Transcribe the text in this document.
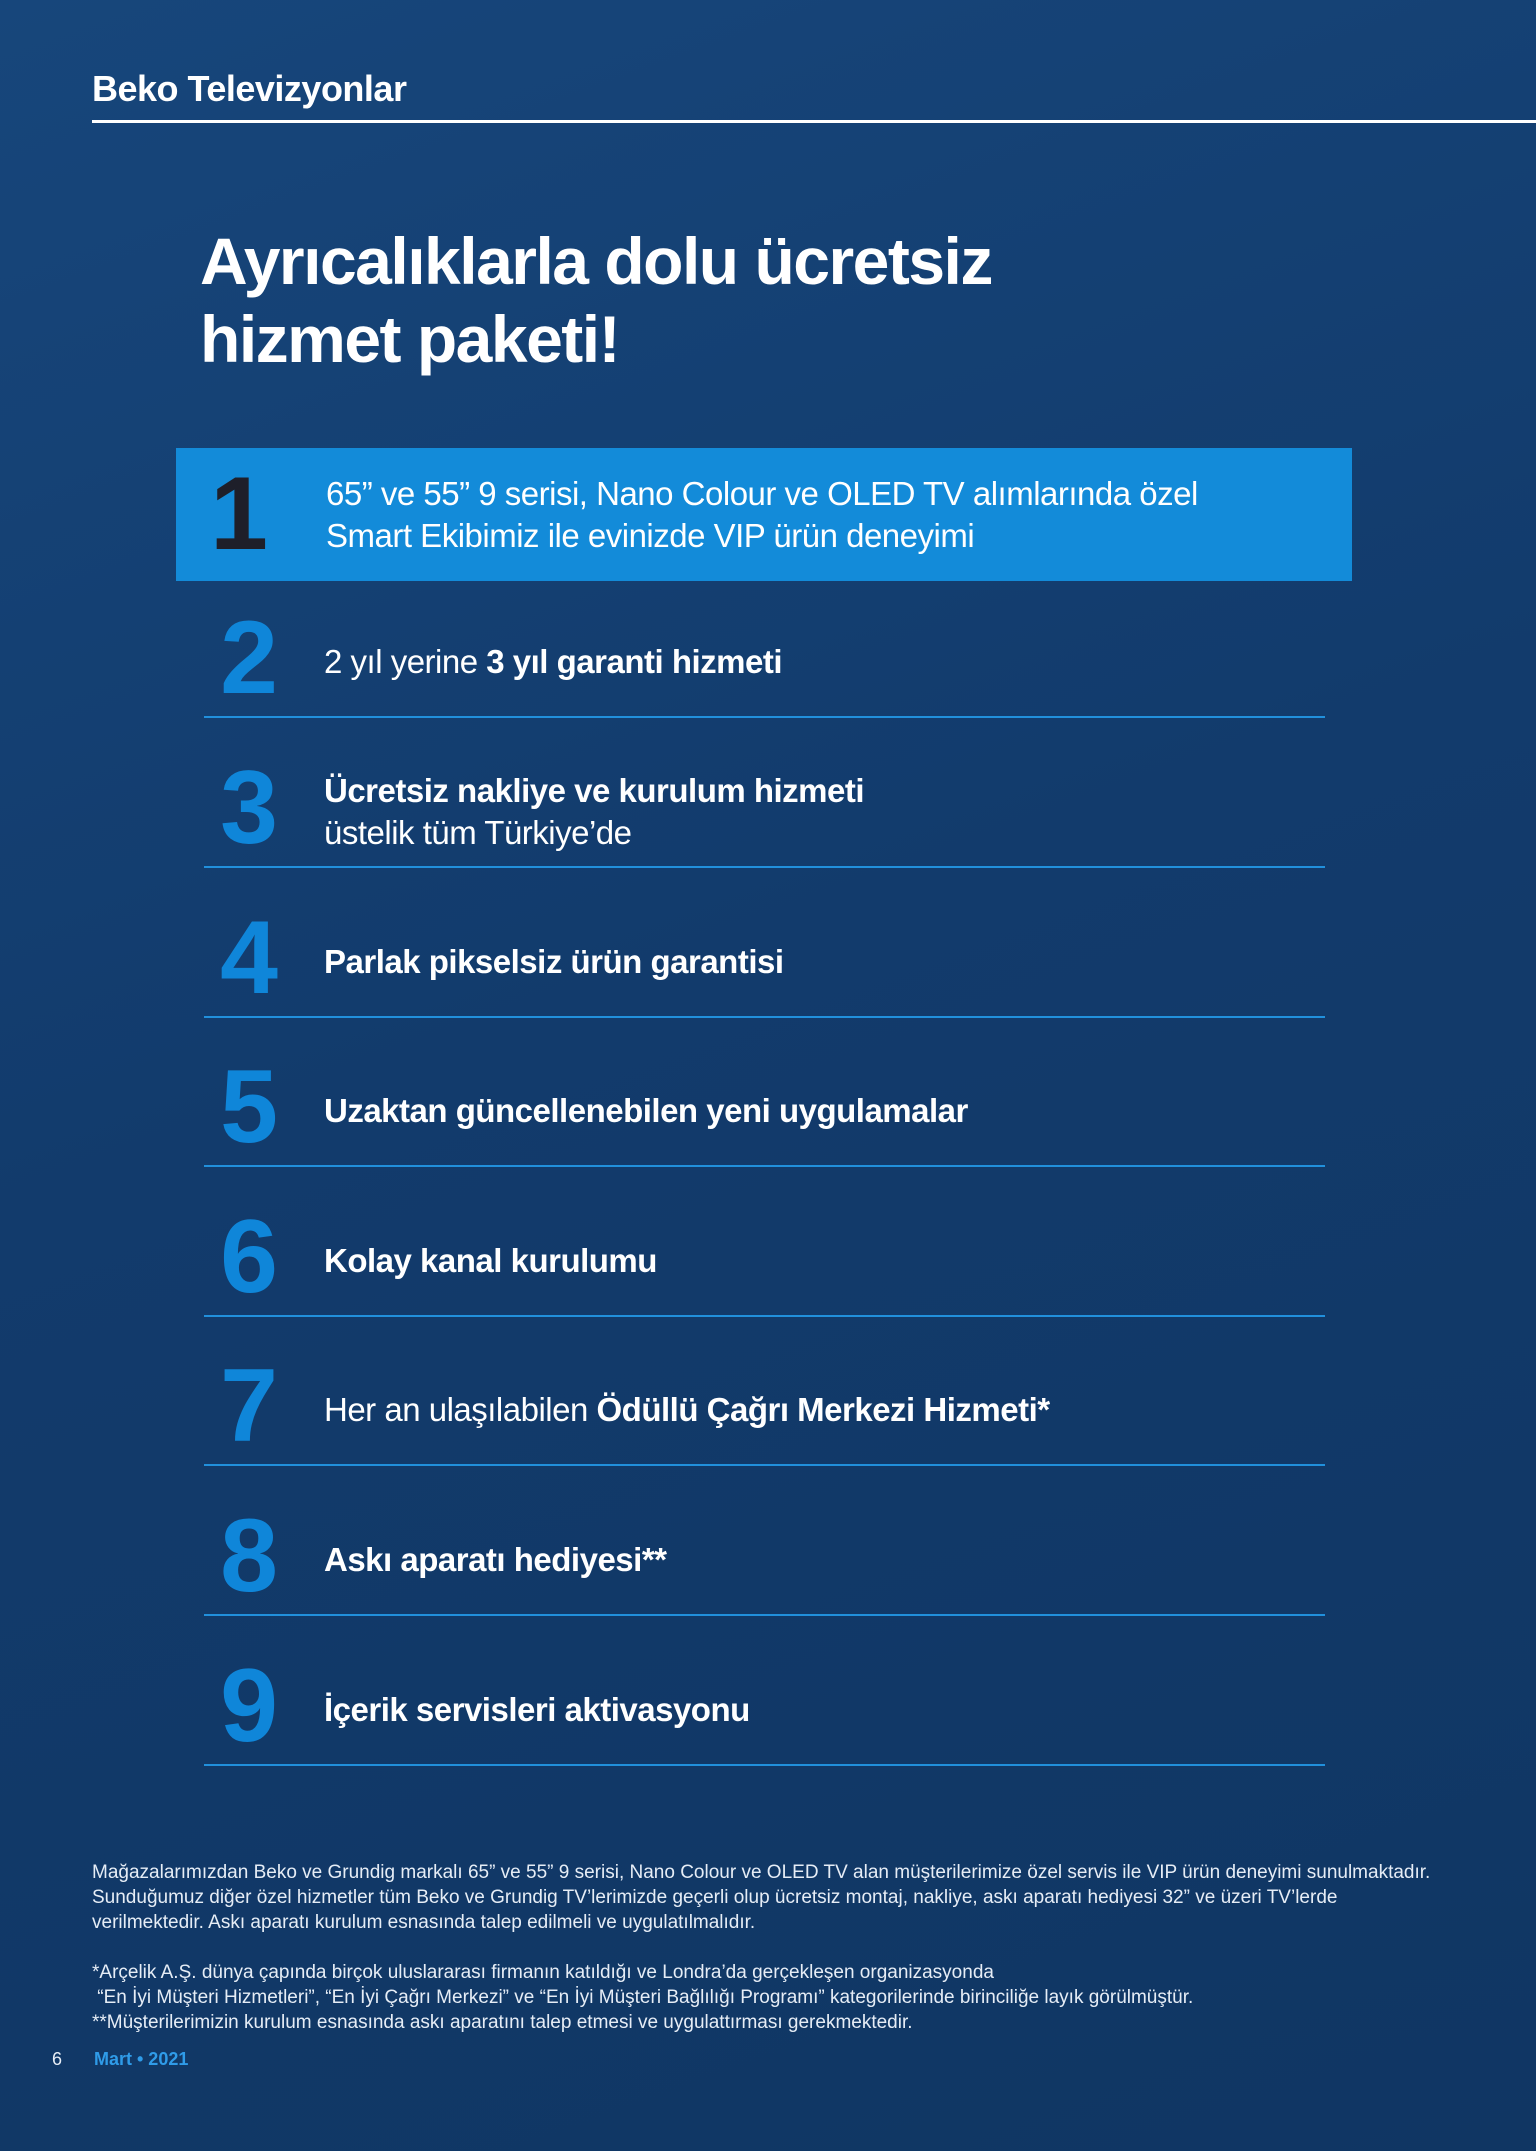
Beko Televizyonlar
Ayrıcalıklarla dolu ücretsiz
hizmet paketi!
1	65” ve 55” 9 serisi, Nano Colour ve OLED TV alımlarında özel
Smart Ekibimiz ile evinizde VIP ürün deneyimi
2	2 yıl yerine 3 yıl garanti hizmeti
3	Ücretsiz nakliye ve kurulum hizmeti
üstelik tüm Türkiye’de
4	Parlak pikselsiz ürün garantisi
5	Uzaktan güncellenebilen yeni uygulamalar
6	Kolay kanal kurulumu
7	Her an ulaşılabilen Ödüllü Çağrı Merkezi Hizmeti*
8	Askı aparatı hediyesi**
9	İçerik servisleri aktivasyonu

Mağazalarımızdan Beko ve Grundig markalı 65” ve 55” 9 serisi, Nano Colour ve OLED TV alan müşterilerimize özel servis ile VIP ürün deneyimi sunulmaktadır. Sunduğumuz diğer özel hizmetler tüm Beko ve Grundig TV’lerimizde geçerli olup ücretsiz montaj, nakliye, askı aparatı hediyesi 32” ve üzeri TV’lerde verilmektedir. Askı aparatı kurulum esnasında talep edilmeli ve uygulatılmalıdır.

*Arçelik A.Ş. dünya çapında birçok uluslararası firmanın katıldığı ve Londra’da gerçekleşen organizasyonda
“En İyi Müşteri Hizmetleri”, “En İyi Çağrı Merkezi” ve “En İyi Müşteri Bağlılığı Programı” kategorilerinde birinciliğe layık görülmüştür.
**Müşterilerimizin kurulum esnasında askı aparatını talep etmesi ve uygulattırması gerekmektedir.
6 Mart • 2021
